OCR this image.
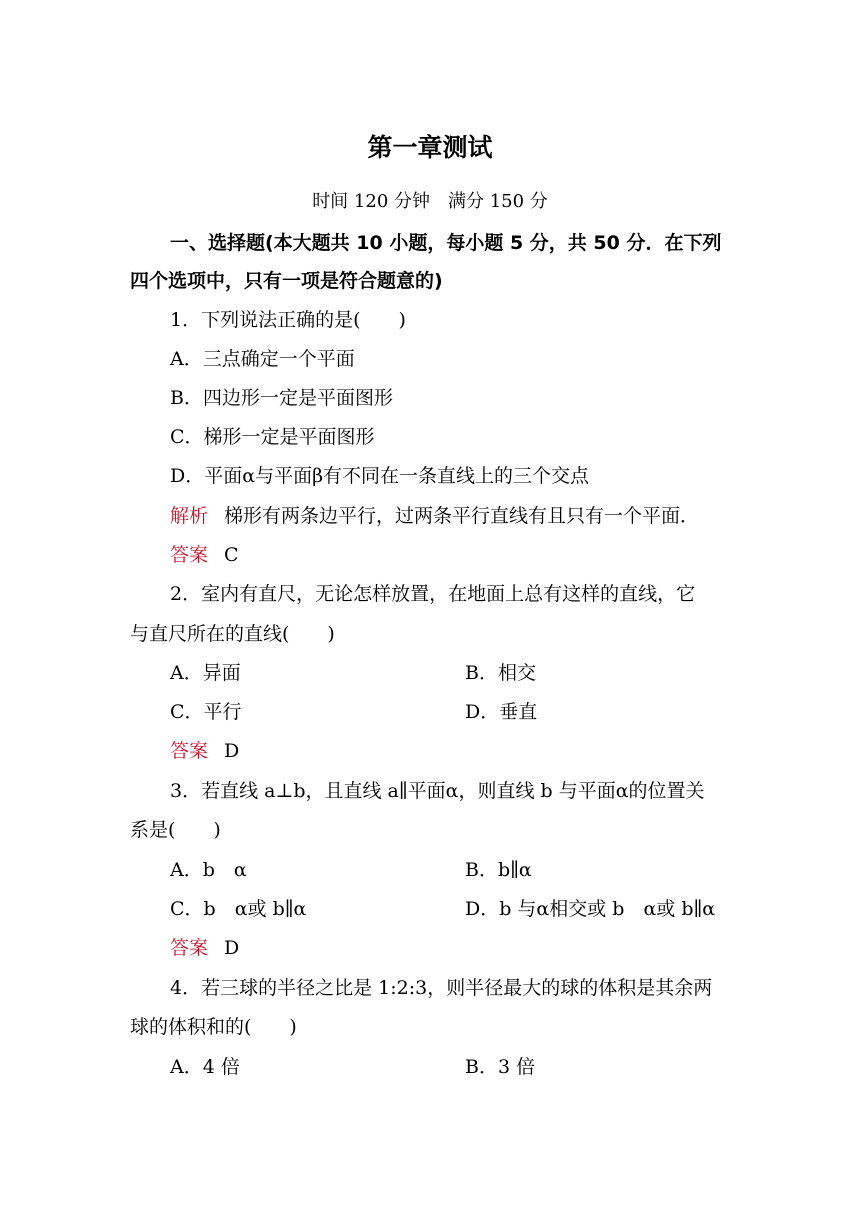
第一章测试
时间 120 分钟　满分 150 分
一、选择题(本大题共 10 小题，每小题 5 分，共 50 分．在下列
四个选项中，只有一项是符合题意的)
1．下列说法正确的是(　　)
A．三点确定一个平面
B．四边形一定是平面图形
C．梯形一定是平面图形
D．平面α与平面β有不同在一条直线上的三个交点
解析 梯形有两条边平行，过两条平行直线有且只有一个平面．
答案 C
2．室内有直尺，无论怎样放置，在地面上总有这样的直线，它
与直尺所在的直线(　　)
A．异面	B．相交
C．平行	D．垂直
答案 D
3．若直线 a⊥b，且直线 a∥平面α，则直线 b 与平面α的位置关
系是(　　)
A．b　α	B．b∥α
C．b　α或 b∥α	D．b 与α相交或 b　α或 b∥α
答案 D
4．若三球的半径之比是 1:2:3，则半径最大的球的体积是其余两
球的体积和的(　　)
A．4 倍	B．3 倍
